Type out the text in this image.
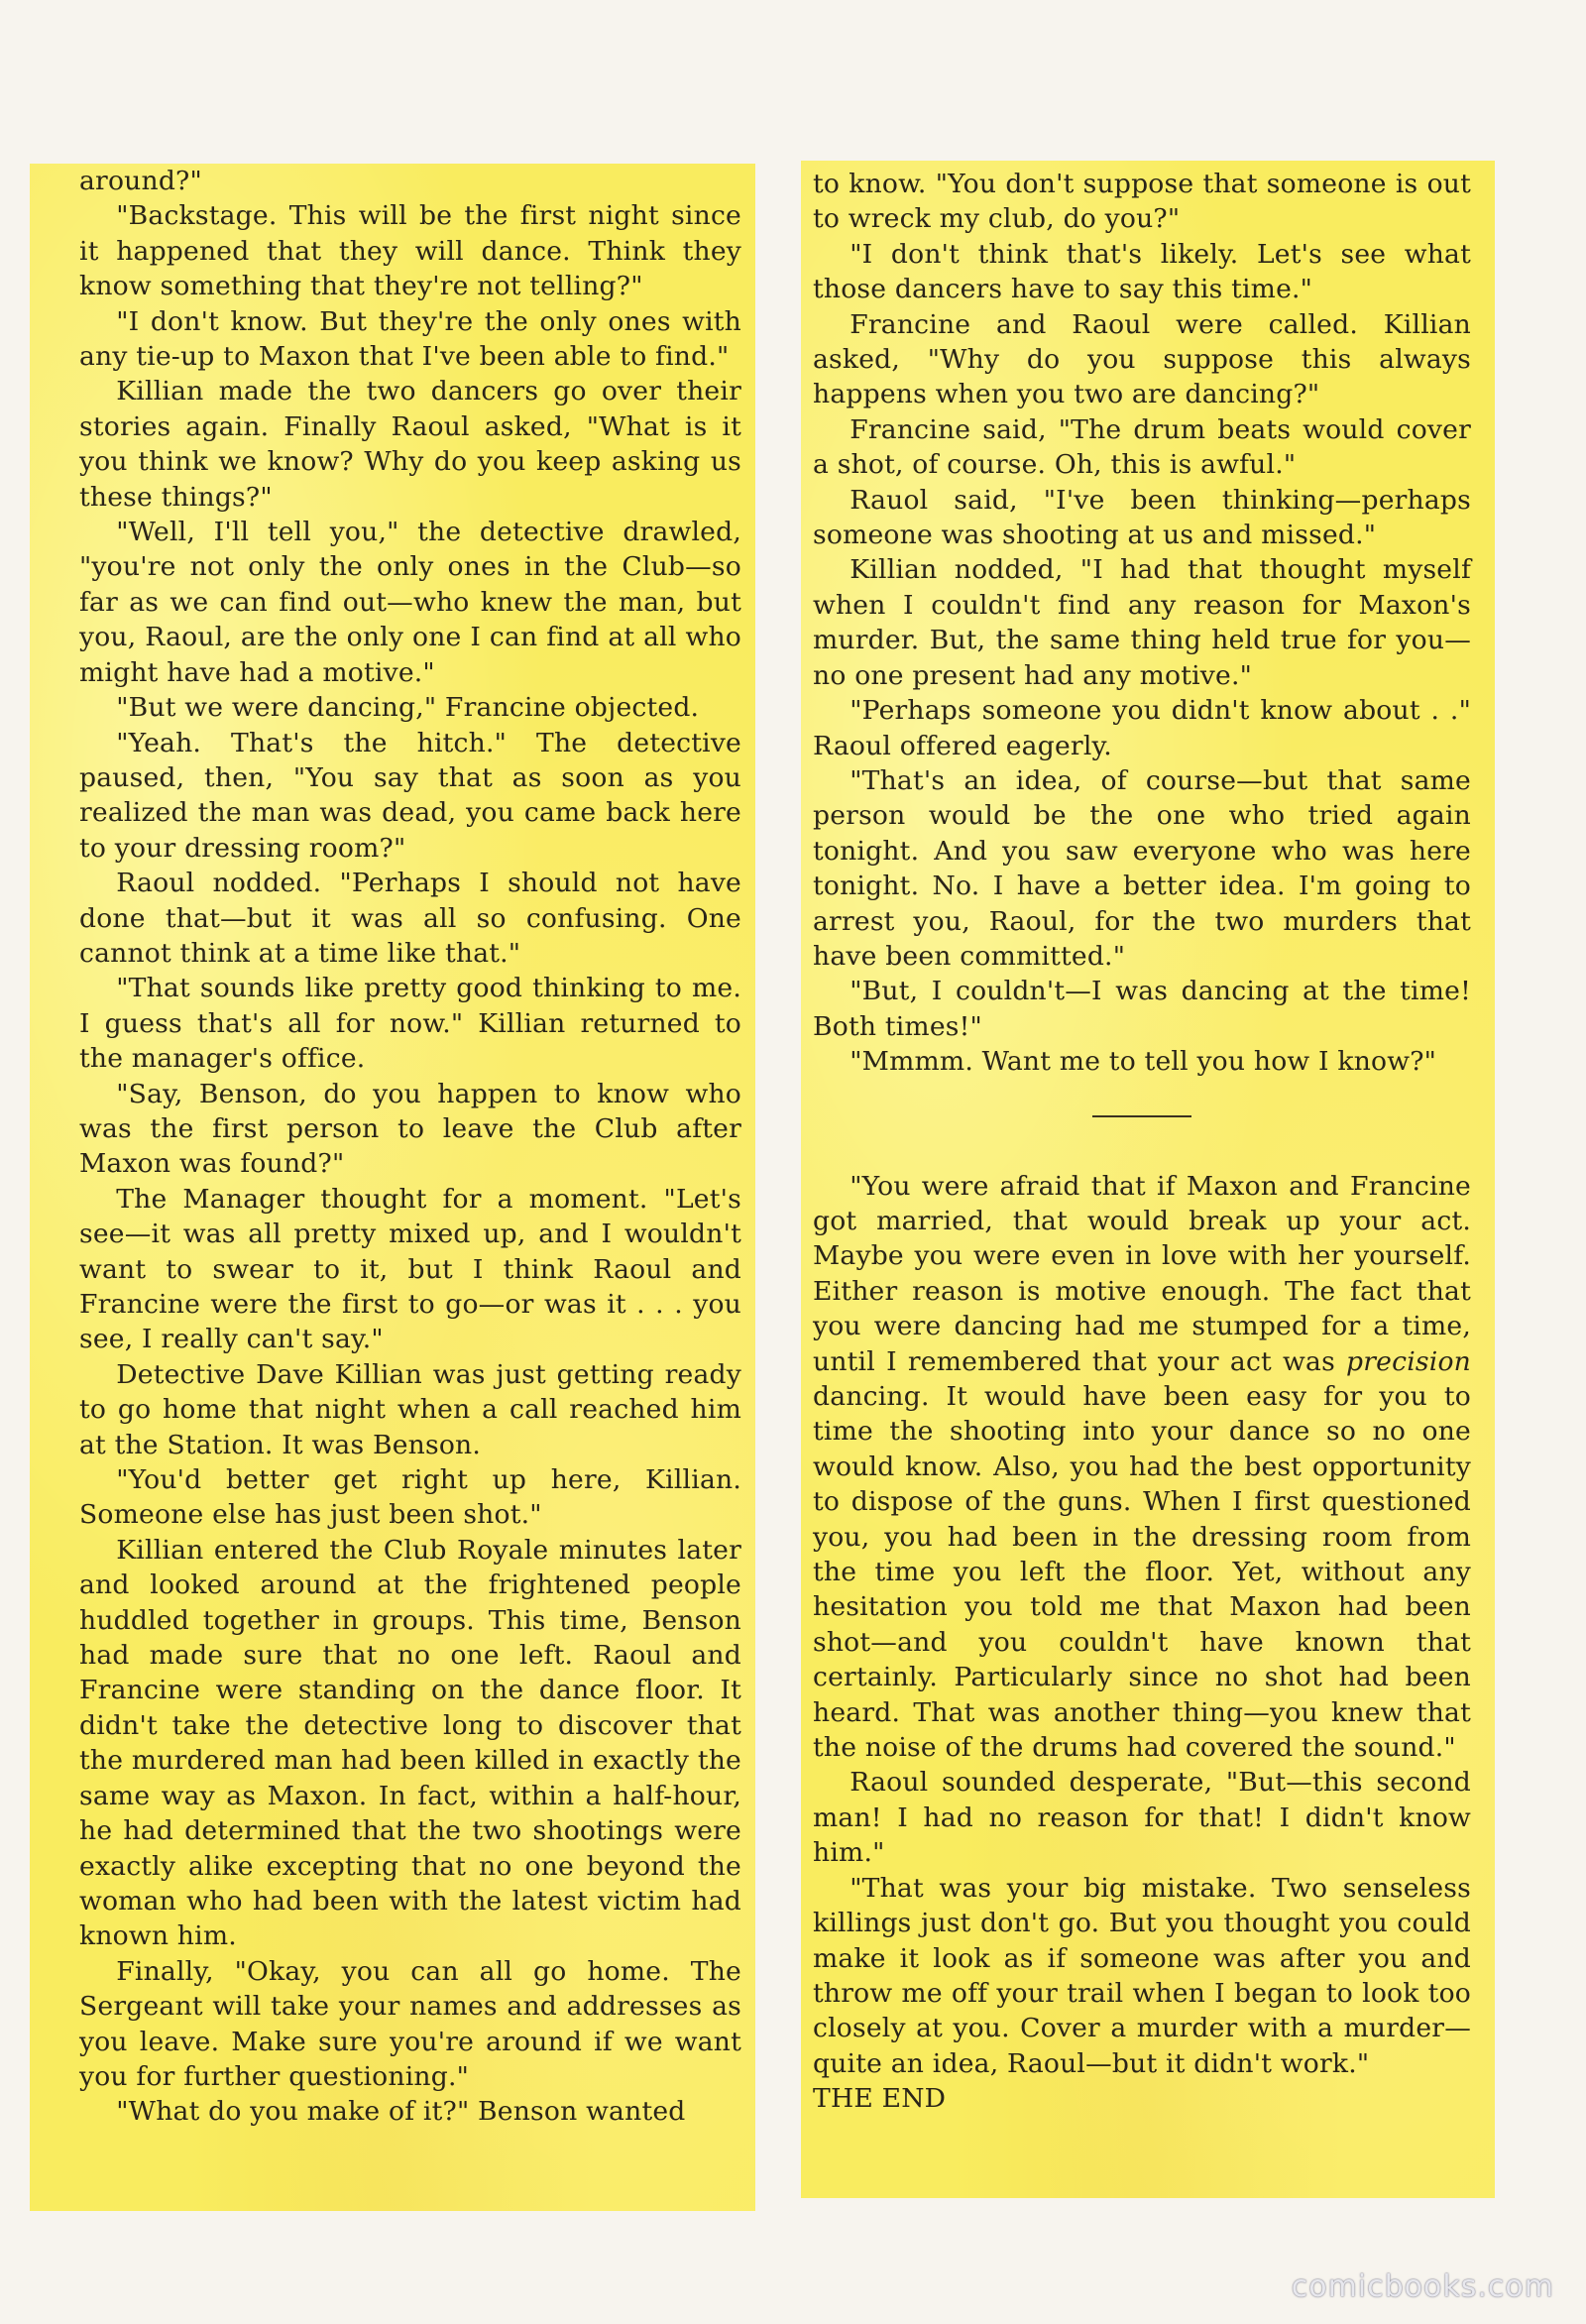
around?"

"Backstage. This will be the first night since it happened that they will dance. Think they know something that they're not telling?"

"I don't know. But they're the only ones with any tie-up to Maxon that I've been able to find."

Killian made the two dancers go over their stories again. Finally Raoul asked, "What is it you think we know? Why do you keep asking us these things?"

"Well, I'll tell you," the detective drawled, "you're not only the only ones in the Club—so far as we can find out—who knew the man, but you, Raoul, are the only one I can find at all who might have had a motive."

"But we were dancing," Francine objected.

"Yeah. That's the hitch." The detective paused, then, "You say that as soon as you realized the man was dead, you came back here to your dressing room?"

Raoul nodded. "Perhaps I should not have done that—but it was all so confusing. One cannot think at a time like that."

"That sounds like pretty good thinking to me. I guess that's all for now." Killian returned to the manager's office.

"Say, Benson, do you happen to know who was the first person to leave the Club after Maxon was found?"

The Manager thought for a moment. "Let's see—it was all pretty mixed up, and I wouldn't want to swear to it, but I think Raoul and Francine were the first to go—or was it . . . you see, I really can't say."

Detective Dave Killian was just getting ready to go home that night when a call reached him at the Station. It was Benson.

"You'd better get right up here, Killian. Someone else has just been shot."

Killian entered the Club Royale minutes later and looked around at the frightened people huddled together in groups. This time, Benson had made sure that no one left. Raoul and Francine were standing on the dance floor. It didn't take the detective long to discover that the murdered man had been killed in exactly the same way as Maxon. In fact, within a half-hour, he had determined that the two shootings were exactly alike excepting that no one beyond the woman who had been with the latest victim had known him.

Finally, "Okay, you can all go home. The Sergeant will take your names and addresses as you leave. Make sure you're around if we want you for further questioning."

"What do you make of it?" Benson wanted

to know. "You don't suppose that someone is out to wreck my club, do you?"

"I don't think that's likely. Let's see what those dancers have to say this time."

Francine and Raoul were called. Killian asked, "Why do you suppose this always happens when you two are dancing?"

Francine said, "The drum beats would cover a shot, of course. Oh, this is awful."

Rauol said, "I've been thinking—perhaps someone was shooting at us and missed."

Killian nodded, "I had that thought myself when I couldn't find any reason for Maxon's murder. But, the same thing held true for you—no one present had any motive."

"Perhaps someone you didn't know about . ." Raoul offered eagerly.

"That's an idea, of course—but that same person would be the one who tried again tonight. And you saw everyone who was here tonight. No. I have a better idea. I'm going to arrest you, Raoul, for the two murders that have been committed."

"But, I couldn't—I was dancing at the time! Both times!"

"Mmmm. Want me to tell you how I know?"

"You were afraid that if Maxon and Francine got married, that would break up your act. Maybe you were even in love with her yourself. Either reason is motive enough. The fact that you were dancing had me stumped for a time, until I remembered that your act was precision dancing. It would have been easy for you to time the shooting into your dance so no one would know. Also, you had the best opportunity to dispose of the guns. When I first questioned you, you had been in the dressing room from the time you left the floor. Yet, without any hesitation you told me that Maxon had been shot—and you couldn't have known that certainly. Particularly since no shot had been heard. That was another thing—you knew that the noise of the drums had covered the sound."

Raoul sounded desperate, "But—this second man! I had no reason for that! I didn't know him."

"That was your big mistake. Two senseless killings just don't go. But you thought you could make it look as if someone was after you and throw me off your trail when I began to look too closely at you. Cover a murder with a murder—quite an idea, Raoul—but it didn't work."

THE END

comicbooks.com
